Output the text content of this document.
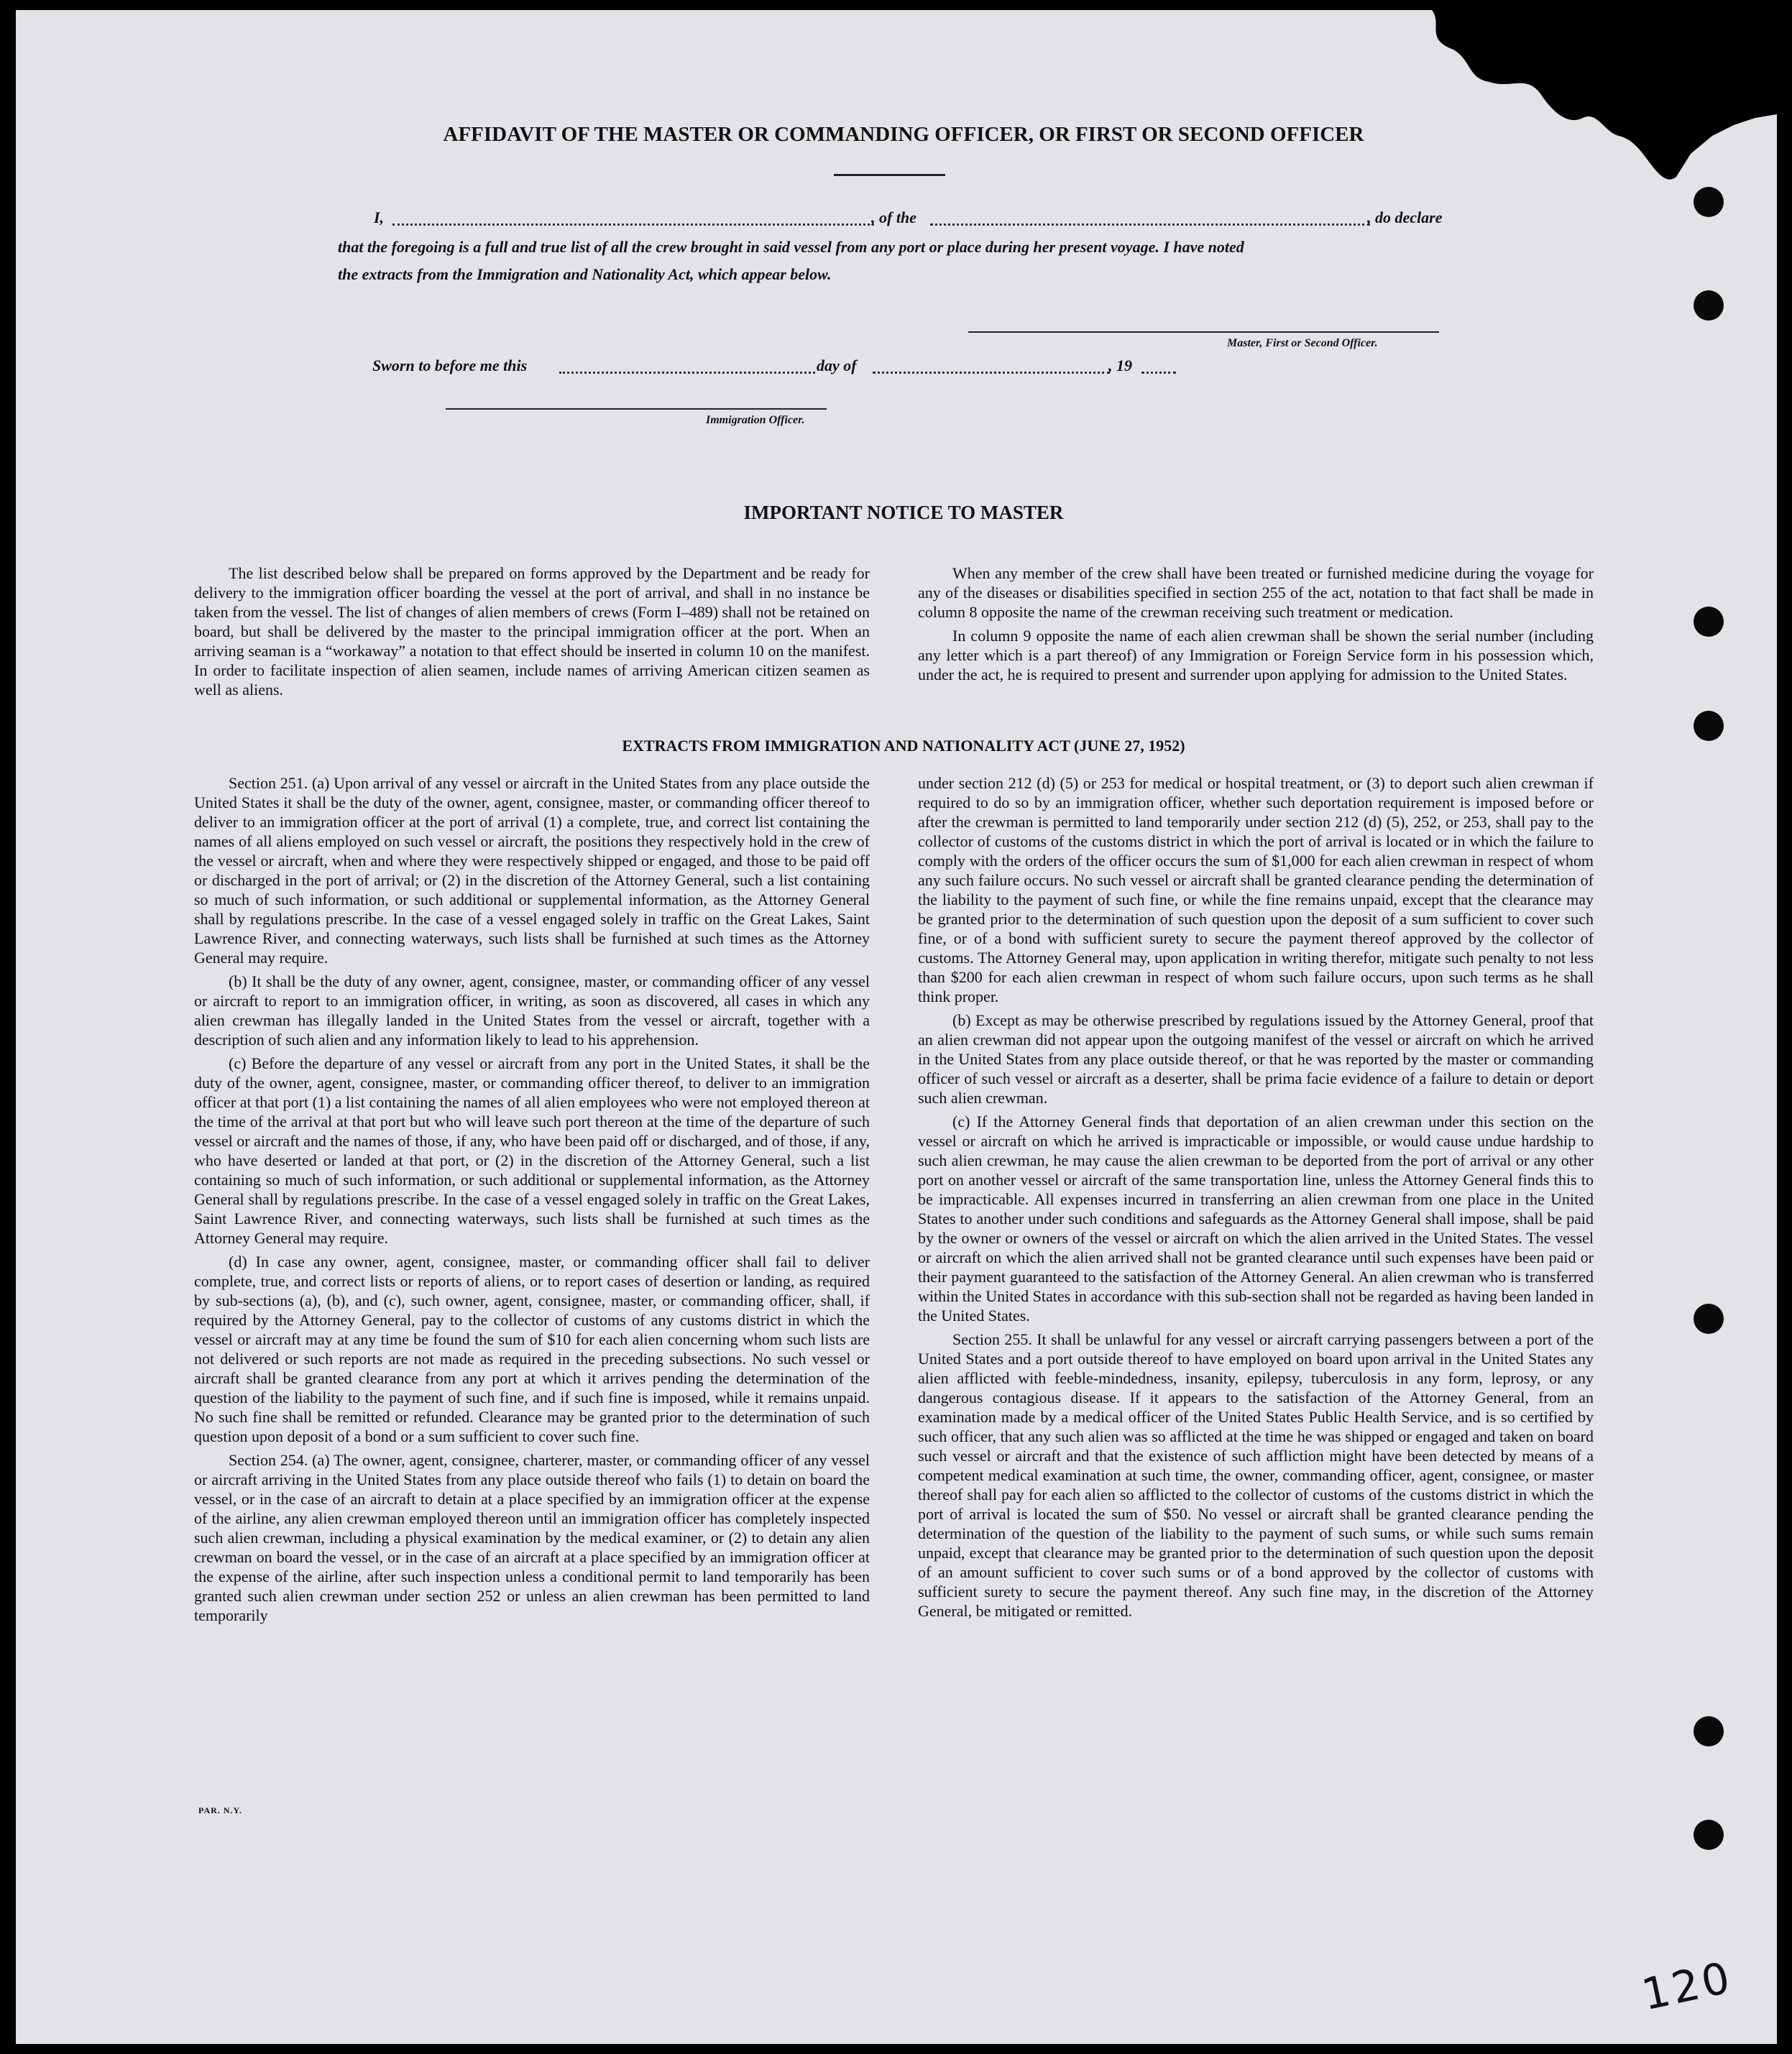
AFFIDAVIT OF THE MASTER OR COMMANDING OFFICER, OR FIRST OR SECOND OFFICER
I,	, of the	, do declare
that the foregoing is a full and true list of all the crew brought in said vessel from any port or place during her present voyage. I have noted
the extracts from the Immigration and Nationality Act, which appear below.
Master, First or Second Officer.
Sworn to before me this	day of	, 19
Immigration Officer.
IMPORTANT NOTICE TO MASTER

The list described below shall be prepared on forms approved by the Department and be ready for delivery to the immigration officer boarding the vessel at the port of arrival, and shall in no instance be taken from the vessel. The list of changes of alien members of crews (Form I–489) shall not be retained on board, but shall be delivered by the master to the principal immigration officer at the port. When an arriving seaman is a “workaway” a notation to that effect should be inserted in column 10 on the manifest. In order to facilitate inspection of alien seamen, include names of arriving American citizen seamen as well as aliens.

When any member of the crew shall have been treated or furnished medicine during the voyage for any of the diseases or disabilities specified in section 255 of the act, notation to that fact shall be made in column 8 opposite the name of the crewman receiving such treatment or medication.

In column 9 opposite the name of each alien crewman shall be shown the serial number (including any letter which is a part thereof) of any Immigration or Foreign Service form in his possession which, under the act, he is required to present and surrender upon applying for admission to the United States.

EXTRACTS FROM IMMIGRATION AND NATIONALITY ACT (JUNE 27, 1952)

Section 251. (a) Upon arrival of any vessel or aircraft in the United States from any place outside the United States it shall be the duty of the owner, agent, consignee, master, or commanding officer thereof to deliver to an immigration officer at the port of arrival (1) a complete, true, and correct list containing the names of all aliens employed on such vessel or aircraft, the positions they respectively hold in the crew of the vessel or aircraft, when and where they were respectively shipped or engaged, and those to be paid off or discharged in the port of arrival; or (2) in the discretion of the Attorney General, such a list containing so much of such information, or such additional or supplemental information, as the Attorney General shall by regulations prescribe. In the case of a vessel engaged solely in traffic on the Great Lakes, Saint Lawrence River, and connecting waterways, such lists shall be furnished at such times as the Attorney General may require.

(b) It shall be the duty of any owner, agent, consignee, master, or commanding officer of any vessel or aircraft to report to an immigration officer, in writing, as soon as discovered, all cases in which any alien crewman has illegally landed in the United States from the vessel or aircraft, together with a description of such alien and any information likely to lead to his apprehension.

(c) Before the departure of any vessel or aircraft from any port in the United States, it shall be the duty of the owner, agent, consignee, master, or commanding officer thereof, to deliver to an immigration officer at that port (1) a list containing the names of all alien employees who were not employed thereon at the time of the arrival at that port but who will leave such port thereon at the time of the departure of such vessel or aircraft and the names of those, if any, who have been paid off or discharged, and of those, if any, who have deserted or landed at that port, or (2) in the discretion of the Attorney General, such a list containing so much of such information, or such additional or supplemental information, as the Attorney General shall by regulations prescribe. In the case of a vessel engaged solely in traffic on the Great Lakes, Saint Lawrence River, and connecting waterways, such lists shall be furnished at such times as the Attorney General may require.

(d) In case any owner, agent, consignee, master, or commanding officer shall fail to deliver complete, true, and correct lists or reports of aliens, or to report cases of desertion or landing, as required by sub-sections (a), (b), and (c), such owner, agent, consignee, master, or commanding officer, shall, if required by the Attorney General, pay to the collector of customs of any customs district in which the vessel or aircraft may at any time be found the sum of $10 for each alien concerning whom such lists are not delivered or such reports are not made as required in the preceding subsections. No such vessel or aircraft shall be granted clearance from any port at which it arrives pending the determination of the question of the liability to the payment of such fine, and if such fine is imposed, while it remains unpaid. No such fine shall be remitted or refunded. Clearance may be granted prior to the determination of such question upon deposit of a bond or a sum sufficient to cover such fine.

Section 254. (a) The owner, agent, consignee, charterer, master, or commanding officer of any vessel or aircraft arriving in the United States from any place outside thereof who fails (1) to detain on board the vessel, or in the case of an aircraft to detain at a place specified by an immigration officer at the expense of the airline, any alien crewman employed thereon until an immigration officer has completely inspected such alien crewman, including a physical examination by the medical examiner, or (2) to detain any alien crewman on board the vessel, or in the case of an aircraft at a place specified by an immigration officer at the expense of the airline, after such inspection unless a conditional permit to land temporarily has been granted such alien crewman under section 252 or unless an alien crewman has been permitted to land temporarily

under section 212 (d) (5) or 253 for medical or hospital treatment, or (3) to deport such alien crewman if required to do so by an immigration officer, whether such deportation requirement is imposed before or after the crewman is permitted to land temporarily under section 212 (d) (5), 252, or 253, shall pay to the collector of customs of the customs district in which the port of arrival is located or in which the failure to comply with the orders of the officer occurs the sum of $1,000 for each alien crewman in respect of whom any such failure occurs. No such vessel or aircraft shall be granted clearance pending the determination of the liability to the payment of such fine, or while the fine remains unpaid, except that the clearance may be granted prior to the determination of such question upon the deposit of a sum sufficient to cover such fine, or of a bond with sufficient surety to secure the payment thereof approved by the collector of customs. The Attorney General may, upon application in writing therefor, mitigate such penalty to not less than $200 for each alien crewman in respect of whom such failure occurs, upon such terms as he shall think proper.

(b) Except as may be otherwise prescribed by regulations issued by the Attorney General, proof that an alien crewman did not appear upon the outgoing manifest of the vessel or aircraft on which he arrived in the United States from any place outside thereof, or that he was reported by the master or commanding officer of such vessel or aircraft as a deserter, shall be prima facie evidence of a failure to detain or deport such alien crewman.

(c) If the Attorney General finds that deportation of an alien crewman under this section on the vessel or aircraft on which he arrived is impracticable or impossible, or would cause undue hardship to such alien crewman, he may cause the alien crewman to be deported from the port of arrival or any other port on another vessel or aircraft of the same transportation line, unless the Attorney General finds this to be impracticable. All expenses incurred in transferring an alien crewman from one place in the United States to another under such conditions and safeguards as the Attorney General shall impose, shall be paid by the owner or owners of the vessel or aircraft on which the alien arrived in the United States. The vessel or aircraft on which the alien arrived shall not be granted clearance until such expenses have been paid or their payment guaranteed to the satisfaction of the Attorney General. An alien crewman who is transferred within the United States in accordance with this sub-section shall not be regarded as having been landed in the United States.

Section 255. It shall be unlawful for any vessel or aircraft carrying passengers between a port of the United States and a port outside thereof to have employed on board upon arrival in the United States any alien afflicted with feeble-mindedness, insanity, epilepsy, tuberculosis in any form, leprosy, or any dangerous contagious disease. If it appears to the satisfaction of the Attorney General, from an examination made by a medical officer of the United States Public Health Service, and is so certified by such officer, that any such alien was so afflicted at the time he was shipped or engaged and taken on board such vessel or aircraft and that the existence of such affliction might have been detected by means of a competent medical examination at such time, the owner, commanding officer, agent, consignee, or master thereof shall pay for each alien so afflicted to the collector of customs of the customs district in which the port of arrival is located the sum of $50. No vessel or aircraft shall be granted clearance pending the determination of the question of the liability to the payment of such sums, or while such sums remain unpaid, except that clearance may be granted prior to the determination of such question upon the deposit of an amount sufficient to cover such sums or of a bond approved by the collector of customs with sufficient surety to secure the payment thereof. Any such fine may, in the discretion of the Attorney General, be mitigated or remitted.

PAR. N.Y.
120
